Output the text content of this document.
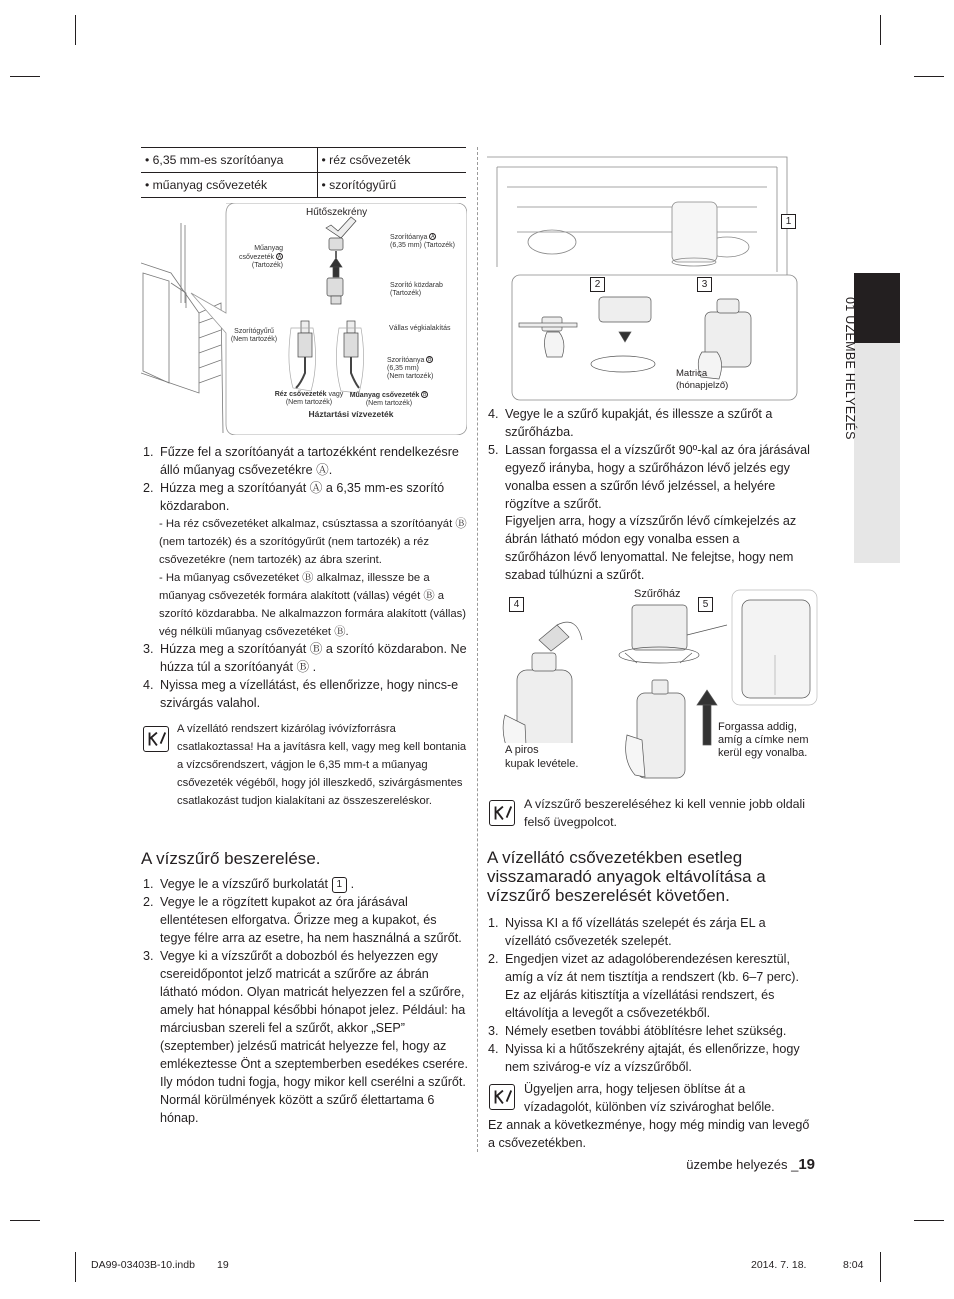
01 ÜZEMBE HELYEZÉS
• 6,35 mm-es szorítóanya	• réz csővezeték
• műanyag csővezeték	• szorítógyűrű
Hűtőszekrény
Műanyag csővezeték A
(Tartozék)
Szorítóanya A
(6,35 mm) (Tartozék)
Szorító közdarab
(Tartozék)
Szorítógyűrű
(Nem tartozék)
Vállas végkialakítás
Szorítóanya B
(6,35 mm)
(Nem tartozék)
Réz csővezeték vagy
(Nem tartozék)
Műanyag csővezeték B
(Nem tartozék)
Háztartási vízvezeték
1. Fűzze fel a szorítóanyát a tartozékként rendelkezésre álló műanyag csővezetékre Ⓐ.
2. Húzza meg a szorítóanyát Ⓐ a 6,35 mm-es szorító közdarabon.
- Ha réz csővezetéket alkalmaz, csúsztassa a szorítóanyát Ⓑ (nem tartozék) és a szorítógyűrűt (nem tartozék) a réz csővezetékre (nem tartozék) az ábra szerint.
- Ha műanyag csővezetéket Ⓑ alkalmaz, illessze be a műanyag csővezeték formára alakított (vállas) végét Ⓑ a szorító közdarabba. Ne alkalmazzon formára alakított (vállas) vég nélküli műanyag csővezetéket Ⓑ.
3. Húzza meg a szorítóanyát Ⓑ a szorító közdarabon. Ne húzza túl a szorítóanyát Ⓑ .
4. Nyissa meg a vízellátást, és ellenőrizze, hogy nincs-e szivárgás valahol.
A vízellátó rendszert kizárólag ivóvízforrásra csatlakoztassa! Ha a javításra kell, vagy meg kell bontania a vízcsőrendszert, vágjon le 6,35 mm-t a műanyag csővezeték végéből, hogy jól illeszkedő, szivárgásmentes csatlakozást tudjon kialakítani az összeszereléskor.
A vízszűrő beszerelése.
1. Vegye le a vízszűrő burkolatát 1 .
2. Vegye le a rögzített kupakot az óra járásával ellentétesen elforgatva. Őrizze meg a kupakot, és tegye félre arra az esetre, ha nem használná a szűrőt.
3. Vegye ki a vízszűrőt a dobozból és helyezzen egy csereidőpontot jelző matricát a szűrőre az ábrán látható módon. Olyan matricát helyezzen fel a szűrőre, amely hat hónappal későbbi hónapot jelez. Például: ha márciusban szereli fel a szűrőt, akkor „SEP” (szeptember) jelzésű matricát helyezze fel, hogy az emlékeztesse Önt a szeptemberben esedékes cserére. Ily módon tudni fogja, hogy mikor kell cserélni a szűrőt. Normál körülmények között a szűrő élettartama 6 hónap.
1
2	3
Matrica
(hónapjelző)
4. Vegye le a szűrő kupakját, és illessze a szűrőt a szűrőházba.
5. Lassan forgassa el a vízszűrőt 90º-kal az óra járásával egyező irányba, hogy a szűrőházon lévő jelzés egy vonalba essen a szűrőn lévő jelzéssel, a helyére rögzítve a szűrőt.
Figyeljen arra, hogy a vízszűrőn lévő címkejelzés az ábrán látható módon egy vonalba essen a szűrőházon lévő lenyomattal. Ne felejtse, hogy nem szabad túlhúzni a szűrőt.
4
Szűrőház
5
A piros
kupak levétele.
Forgassa addig,
amíg a címke nem
kerül egy vonalba.
A vízszűrő beszereléséhez ki kell vennie jobb oldali felső üvegpolcot.
A vízellátó csővezetékben esetleg visszamaradó anyagok eltávolítása a vízszűrő beszerelését követően.
1. Nyissa KI a fő vízellátás szelepét és zárja EL a vízellátó csővezeték szelepét.
2. Engedjen vizet az adagolóberendezésen keresztül, amíg a víz át nem tisztítja a rendszert (kb. 6–7 perc). Ez az eljárás kitisztítja a vízellátási rendszert, és eltávolítja a levegőt a csővezetékből.
3. Némely esetben további átöblítésre lehet szükség.
4. Nyissa ki a hűtőszekrény ajtaját, és ellenőrizze, hogy nem szivárog-e víz a vízszűrőből.
Ügyeljen arra, hogy teljesen öblítse át a vízadagolót, különben víz szivároghat belőle.
Ez annak a következménye, hogy még mindig van levegő a csővezetékben.
üzembe helyezés _19
DA99-03403B-10.indb 19	2014. 7. 18.	8:04
